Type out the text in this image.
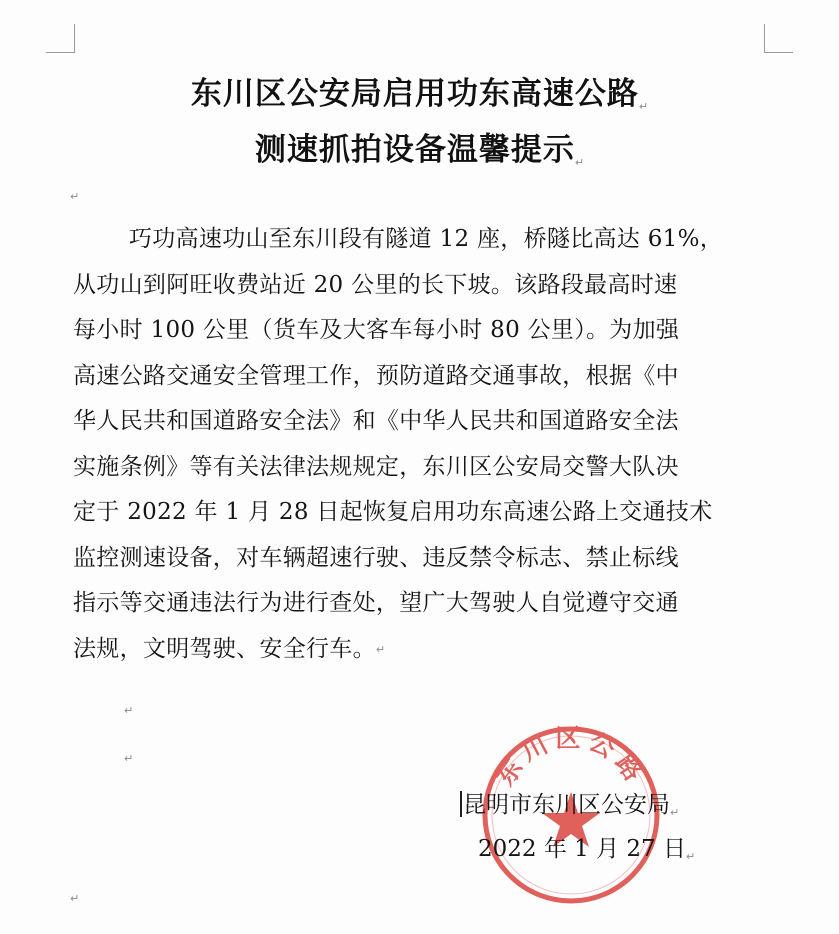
东川区公安局启用功东高速公路↵
测速抓拍设备温馨提示↵
↵
巧功高速功山至东川段有隧道 12 座，桥隧比高达 61%，
从功山到阿旺收费站近 20 公里的长下坡。该路段最高时速
每小时 100 公里（货车及大客车每小时 80 公里）。为加强
高速公路交通安全管理工作，预防道路交通事故，根据《中
华人民共和国道路安全法》和《中华人民共和国道路安全法
实施条例》等有关法律法规规定，东川区公安局交警大队决
定于 2022 年 1 月 28 日起恢复启用功东高速公路上交通技术
监控测速设备，对车辆超速行驶、违反禁令标志、禁止标线
指示等交通违法行为进行查处，望广大驾驶人自觉遵守交通
法规，文明驾驶、安全行车。↵
↵
↵
↵
东川区公路
昆明市东川区公安局↵
2022 年 1 月 27 日↵
